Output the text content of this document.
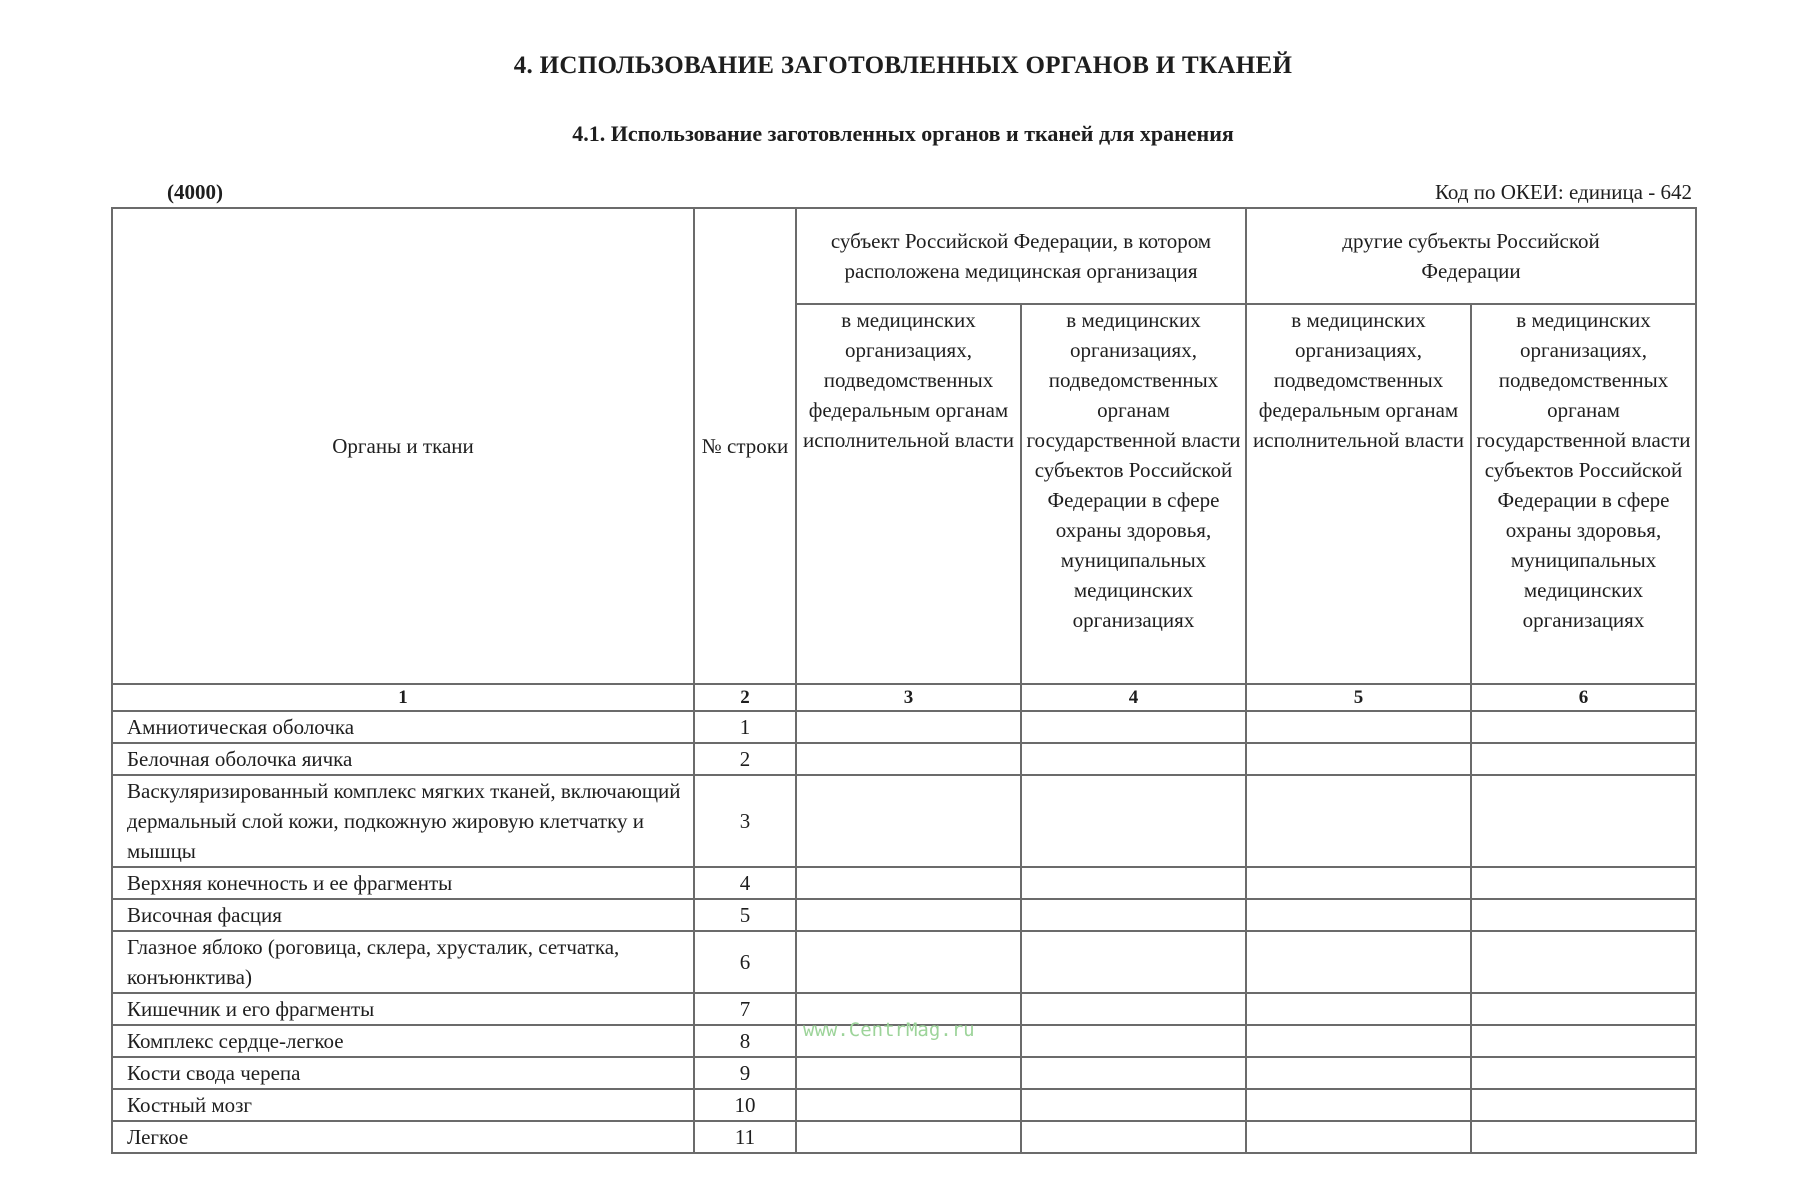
4. ИСПОЛЬЗОВАНИЕ ЗАГОТОВЛЕННЫХ ОРГАНОВ И ТКАНЕЙ
4.1. Использование заготовленных органов и тканей для хранения
(4000)	Код по ОКЕИ: единица - 642
Органы и ткани	№ строки	субъект Российской Федерации, в котором расположена медицинская организация		другие субъекты Российской Федерации	
		в медицинских организациях, подведомственных федеральным органам исполнительной власти	в медицинских организациях, подведомственных органам государственной власти субъектов Российской Федерации в сфере охраны здоровья, муниципальных медицинских организациях	в медицинских организациях, подведомственных федеральным органам исполнительной власти	в медицинских организациях, подведомственных органам государственной власти субъектов Российской Федерации в сфере охраны здоровья, муниципальных медицинских организациях
1	2	3	4	5	6
Амниотическая оболочка	1				
Белочная оболочка яичка	2				
Васкуляризированный комплекс мягких тканей, включающий дермальный слой кожи, подкожную жировую клетчатку и мышцы	3				
Верхняя конечность и ее фрагменты	4				
Височная фасция	5				
Глазное яблоко (роговица, склера, хрусталик, сетчатка, конъюнктива)	6				
Кишечник и его фрагменты	7				
Комплекс сердце-легкое	8				
Кости свода черепа	9				
Костный мозг	10				
Легкое	11				
www.CentrMag.ru
